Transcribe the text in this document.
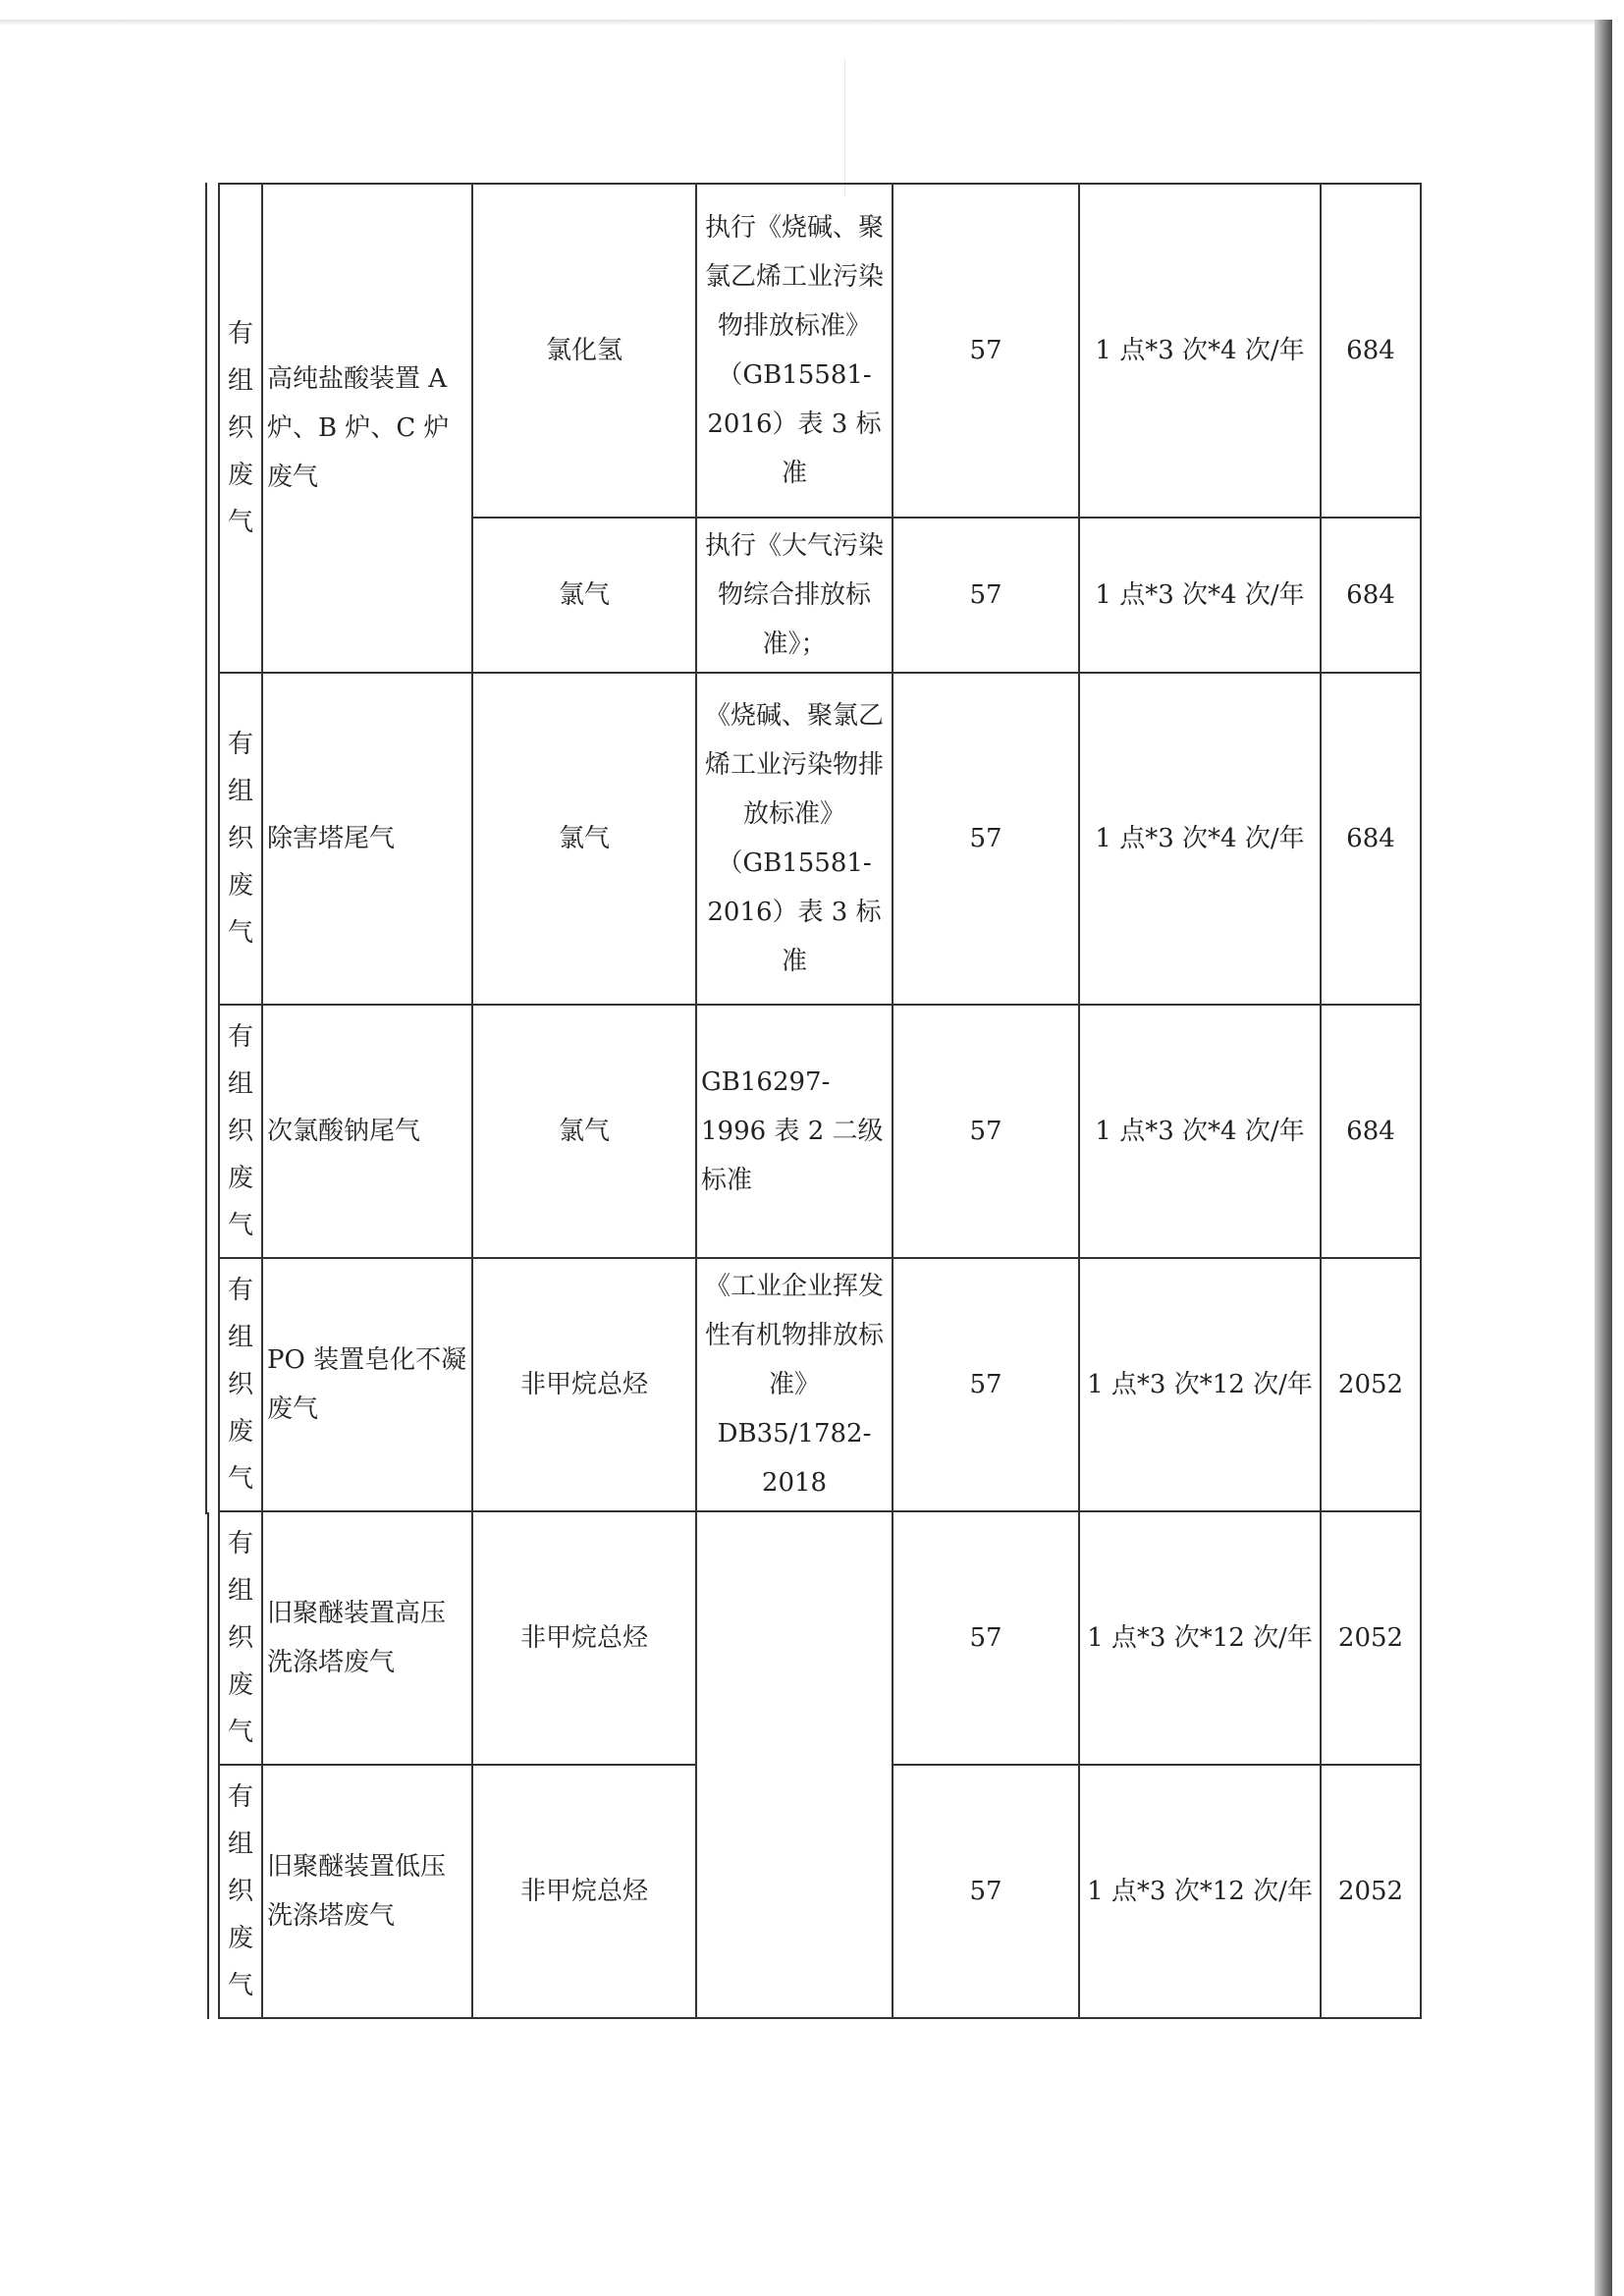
有
组
织
废
气	高纯盐酸装置 A 炉、B 炉、C 炉废气	氯化氢	执行《烧碱、聚氯乙烯工业污染物排放标准》（GB15581-2016）表 3 标准	57	1 点*3 次*4 次/年	684
		氯气	执行《大气污染物综合排放标准》；	57	1 点*3 次*4 次/年	684

有
组
织
废
气	除害塔尾气	氯气	《烧碱、聚氯乙烯工业污染物排放标准》（GB15581-2016）表 3 标准	57	1 点*3 次*4 次/年	684

有
组
织
废
气	次氯酸钠尾气	氯气	GB16297-1996 表 2 二级标准	57	1 点*3 次*4 次/年	684

有
组
织
废
气	PO 装置皂化不凝废气	非甲烷总烃	《工业企业挥发性有机物排放标准》DB35/1782-2018	57	1 点*3 次*12 次/年	2052

有
组
织
废
气	旧聚醚装置高压洗涤塔废气	非甲烷总烃		57	1 点*3 次*12 次/年	2052

有
组
织
废
气	旧聚醚装置低压洗涤塔废气	非甲烷总烃		57	1 点*3 次*12 次/年	2052
